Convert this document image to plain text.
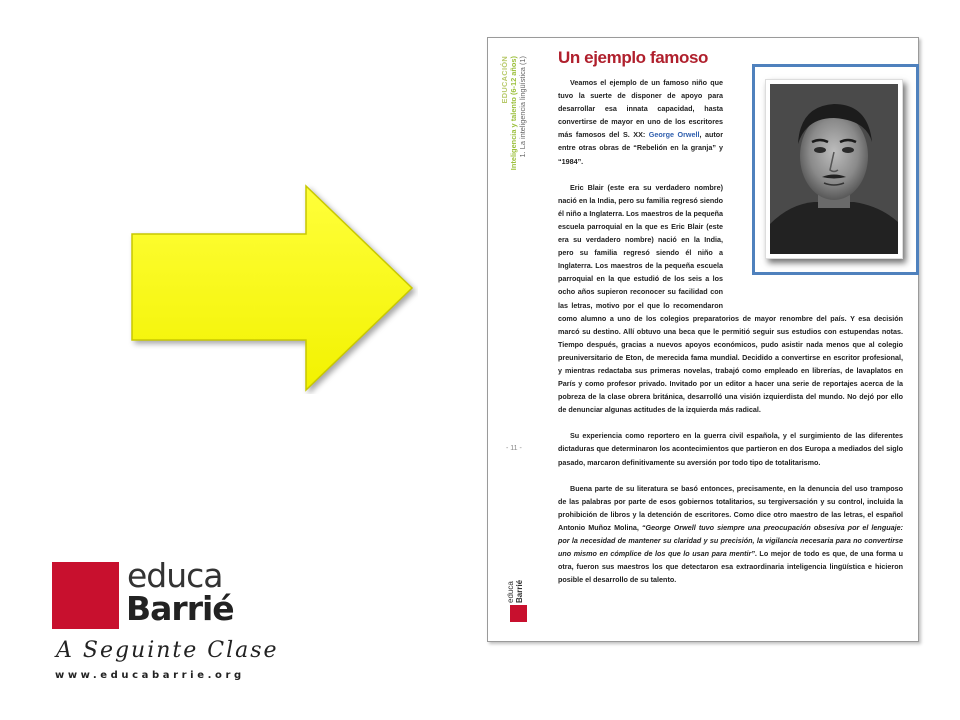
educa
Barrié
A Seguinte Clase
www.educabarrie.org
EDUCACIÓN Inteligencia y talento (6-12 años) 1. La inteligencia lingüística (1)
- 11 -
educa Barrié
Un ejemplo famoso

Veamos el ejemplo de un famoso niño que tuvo la suerte de disponer de apoyo para desarrollar esa innata capacidad, hasta convertirse de mayor en uno de los escritores más famosos del S. XX: George Orwell, autor entre otras obras de “Rebelión en la granja” y “1984”.

Eric Blair (este era su verdadero nombre) nació en la India, pero su familia regresó siendo él niño a Inglaterra. Los maestros de la pequeña escuela parroquial en la que es Eric Blair (este era su verdadero nombre) nació en la India, pero su familia regresó siendo él niño a Inglaterra. Los maestros de la pequeña escuela parroquial en la que estudió de los seis a los ocho años supieron reconocer su facilidad con las letras, motivo por el que lo recomendaron como alumno a uno de los colegios preparatorios de mayor renombre del país. Y esa decisión marcó su destino. Allí obtuvo una beca que le permitió seguir sus estudios con estupendas notas. Tiempo después, gracias a nuevos apoyos económicos, pudo asistir nada menos que al colegio preuniversitario de Eton, de merecida fama mundial. Decidido a convertirse en escritor profesional, y mientras redactaba sus primeras novelas, trabajó como empleado en librerías, de lavaplatos en París y como profesor privado. Invitado por un editor a hacer una serie de reportajes acerca de la pobreza de la clase obrera británica, desarrolló una visión izquierdista del mundo. No dejó por ello de denunciar algunas actitudes de la izquierda más radical.

Su experiencia como reportero en la guerra civil española, y el surgimiento de las diferentes dictaduras que determinaron los acontecimientos que partieron en dos Europa a mediados del siglo pasado, marcaron definitivamente su aversión por todo tipo de totalitarismo.

Buena parte de su literatura se basó entonces, precisamente, en la denuncia del uso tramposo de las palabras por parte de esos gobiernos totalitarios, su tergiversación y su control, incluida la prohibición de libros y la detención de escritores. Como dice otro maestro de las letras, el español Antonio Muñoz Molina, “George Orwell tuvo siempre una preocupación obsesiva por el lenguaje: por la necesidad de mantener su claridad y su precisión, la vigilancia necesaria para no convertirse uno mismo en cómplice de los que lo usan para mentir”. Lo mejor de todo es que, de una forma u otra, fueron sus maestros los que detectaron esa extraordinaria inteligencia lingüística e hicieron posible el desarrollo de su talento.
